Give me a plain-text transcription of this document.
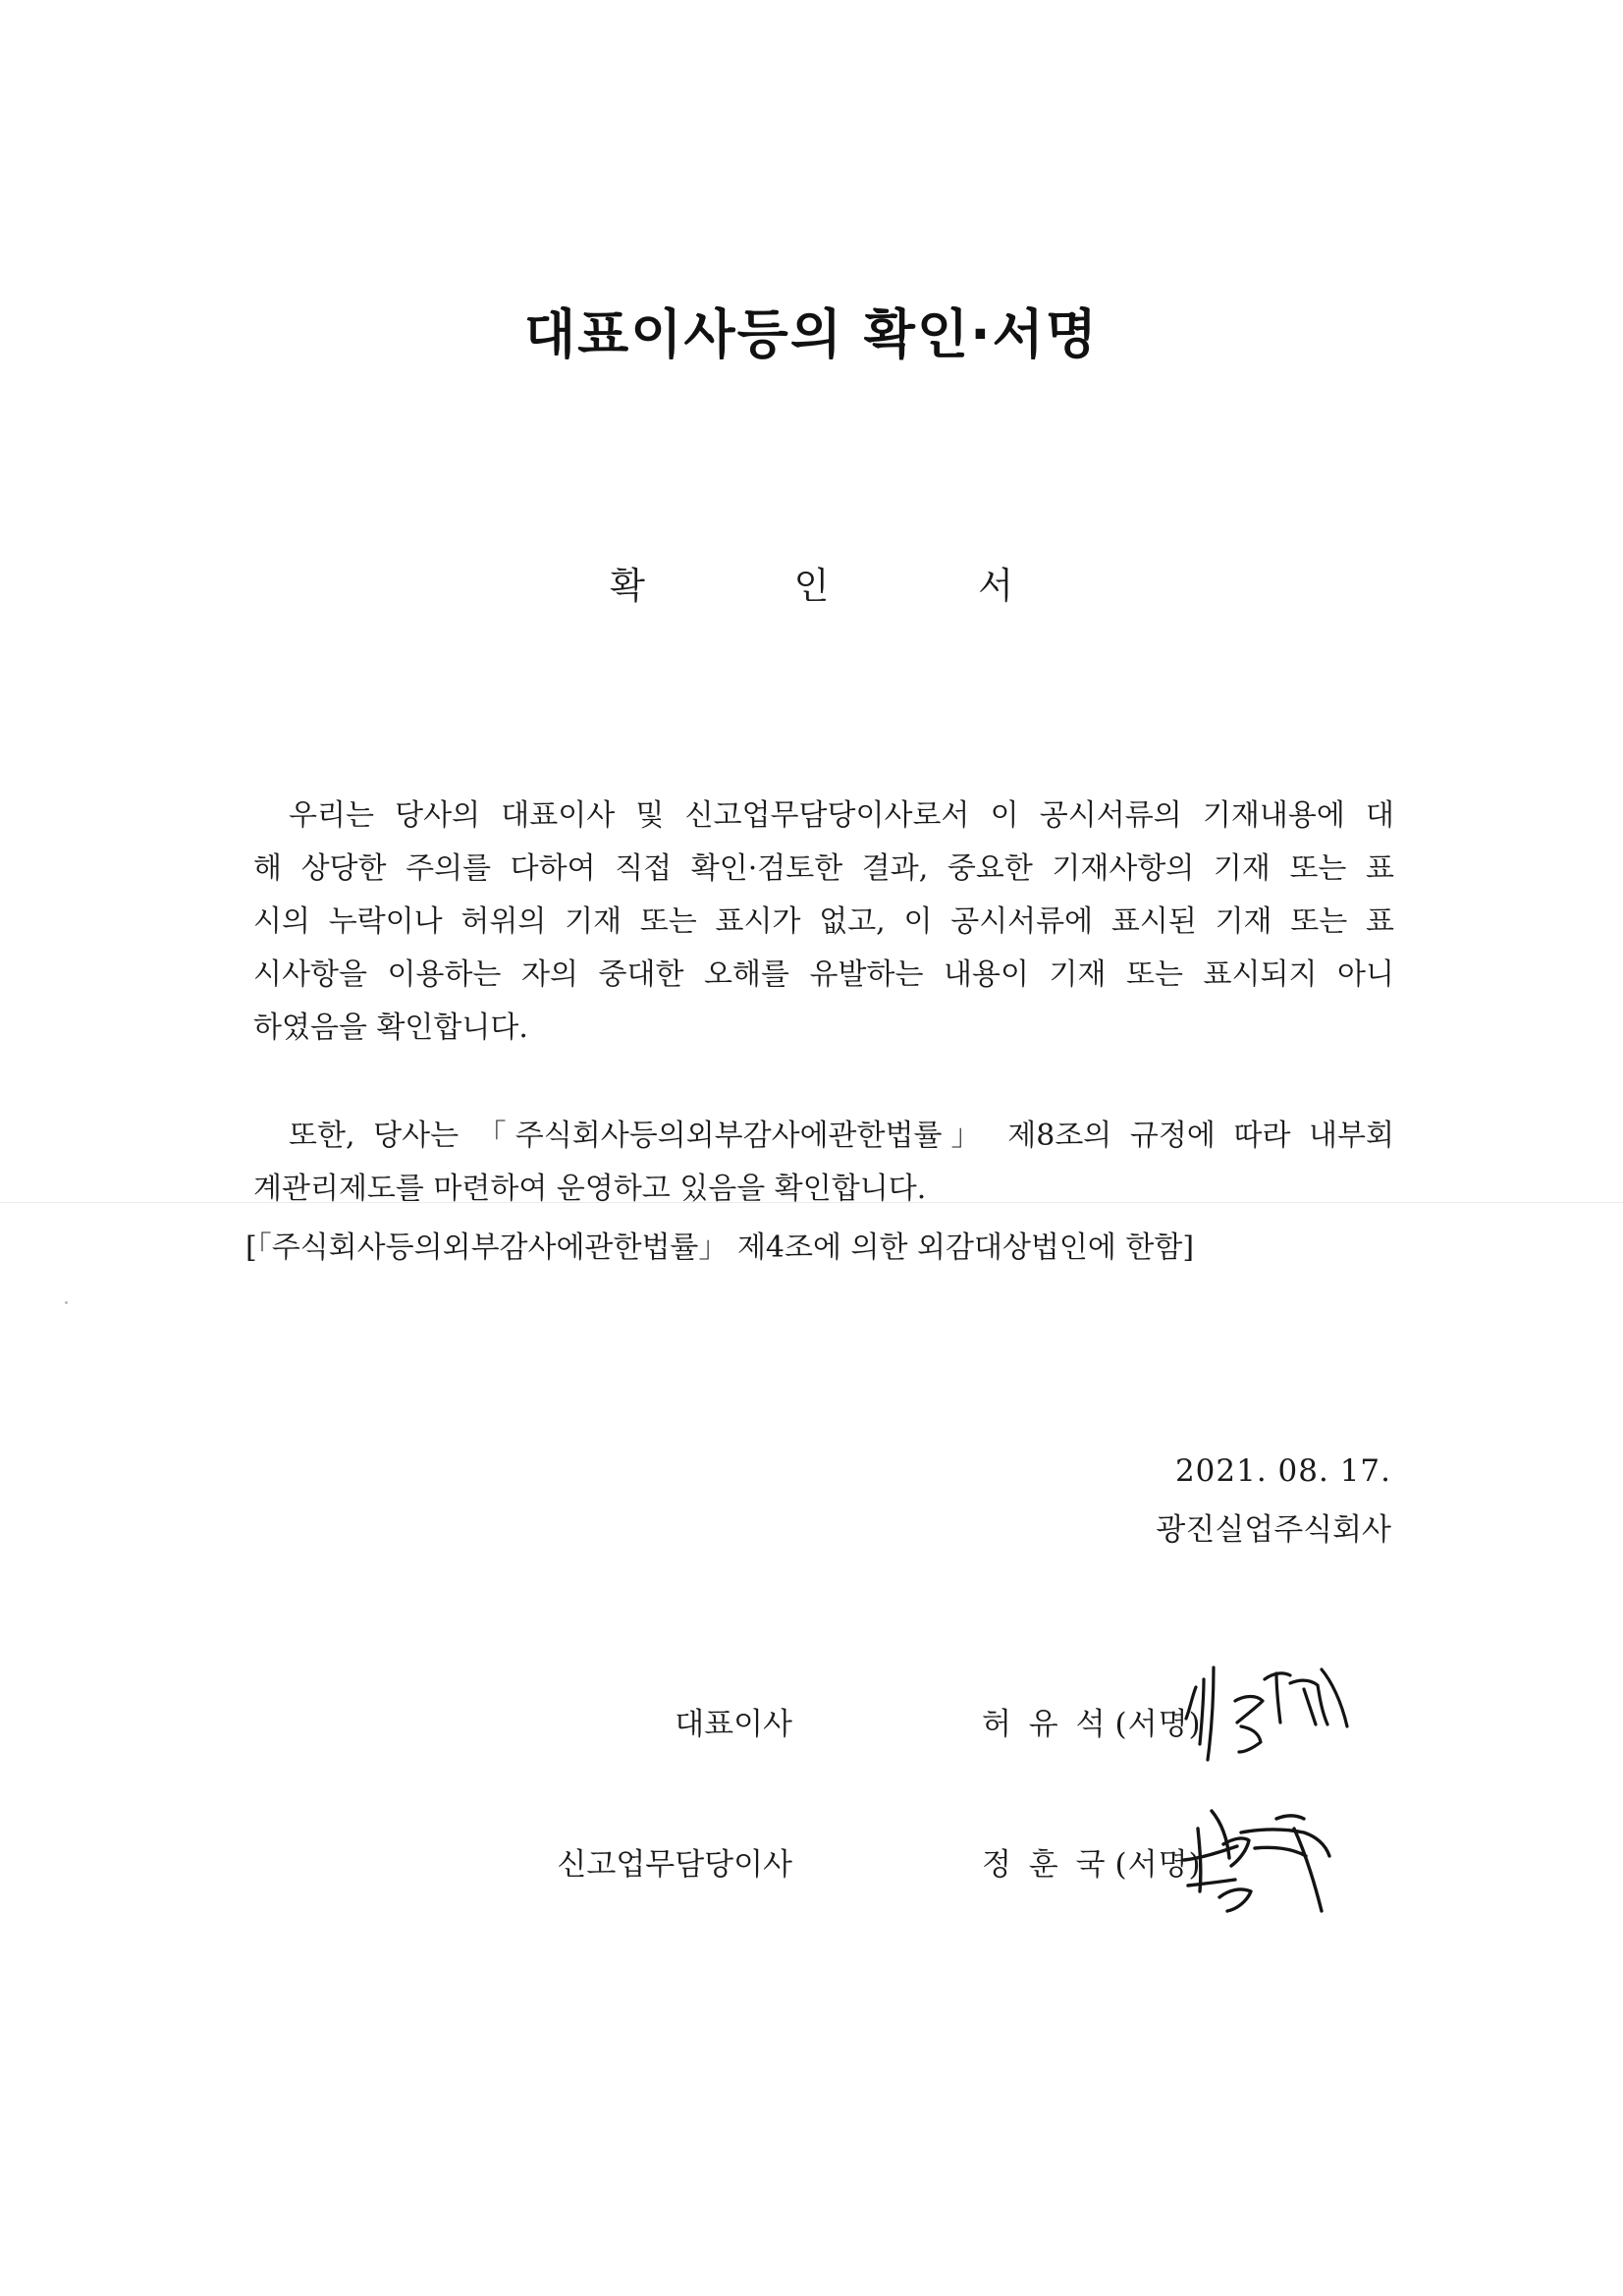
대표이사등의 확인·서명
확 인 서
우리는 당사의 대표이사 및 신고업무담당이사로서 이 공시서류의 기재내용에 대
해 상당한 주의를 다하여 직접 확인·검토한 결과, 중요한 기재사항의 기재 또는 표
시의 누락이나 허위의 기재 또는 표시가 없고, 이 공시서류에 표시된 기재 또는 표
시사항을 이용하는 자의 중대한 오해를 유발하는 내용이 기재 또는 표시되지 아니
하였음을 확인합니다.
또한, 당사는 「주식회사등의외부감사에관한법률」 제8조의 규정에 따라 내부회
계관리제도를 마련하여 운영하고 있음을 확인합니다.
[「주식회사등의외부감사에관한법률」 제4조에 의한 외감대상법인에 한함]
2021. 08. 17.
광진실업주식회사
대표이사	허 유 석 (서명)
신고업무담당이사	정 훈 국 (서명)
